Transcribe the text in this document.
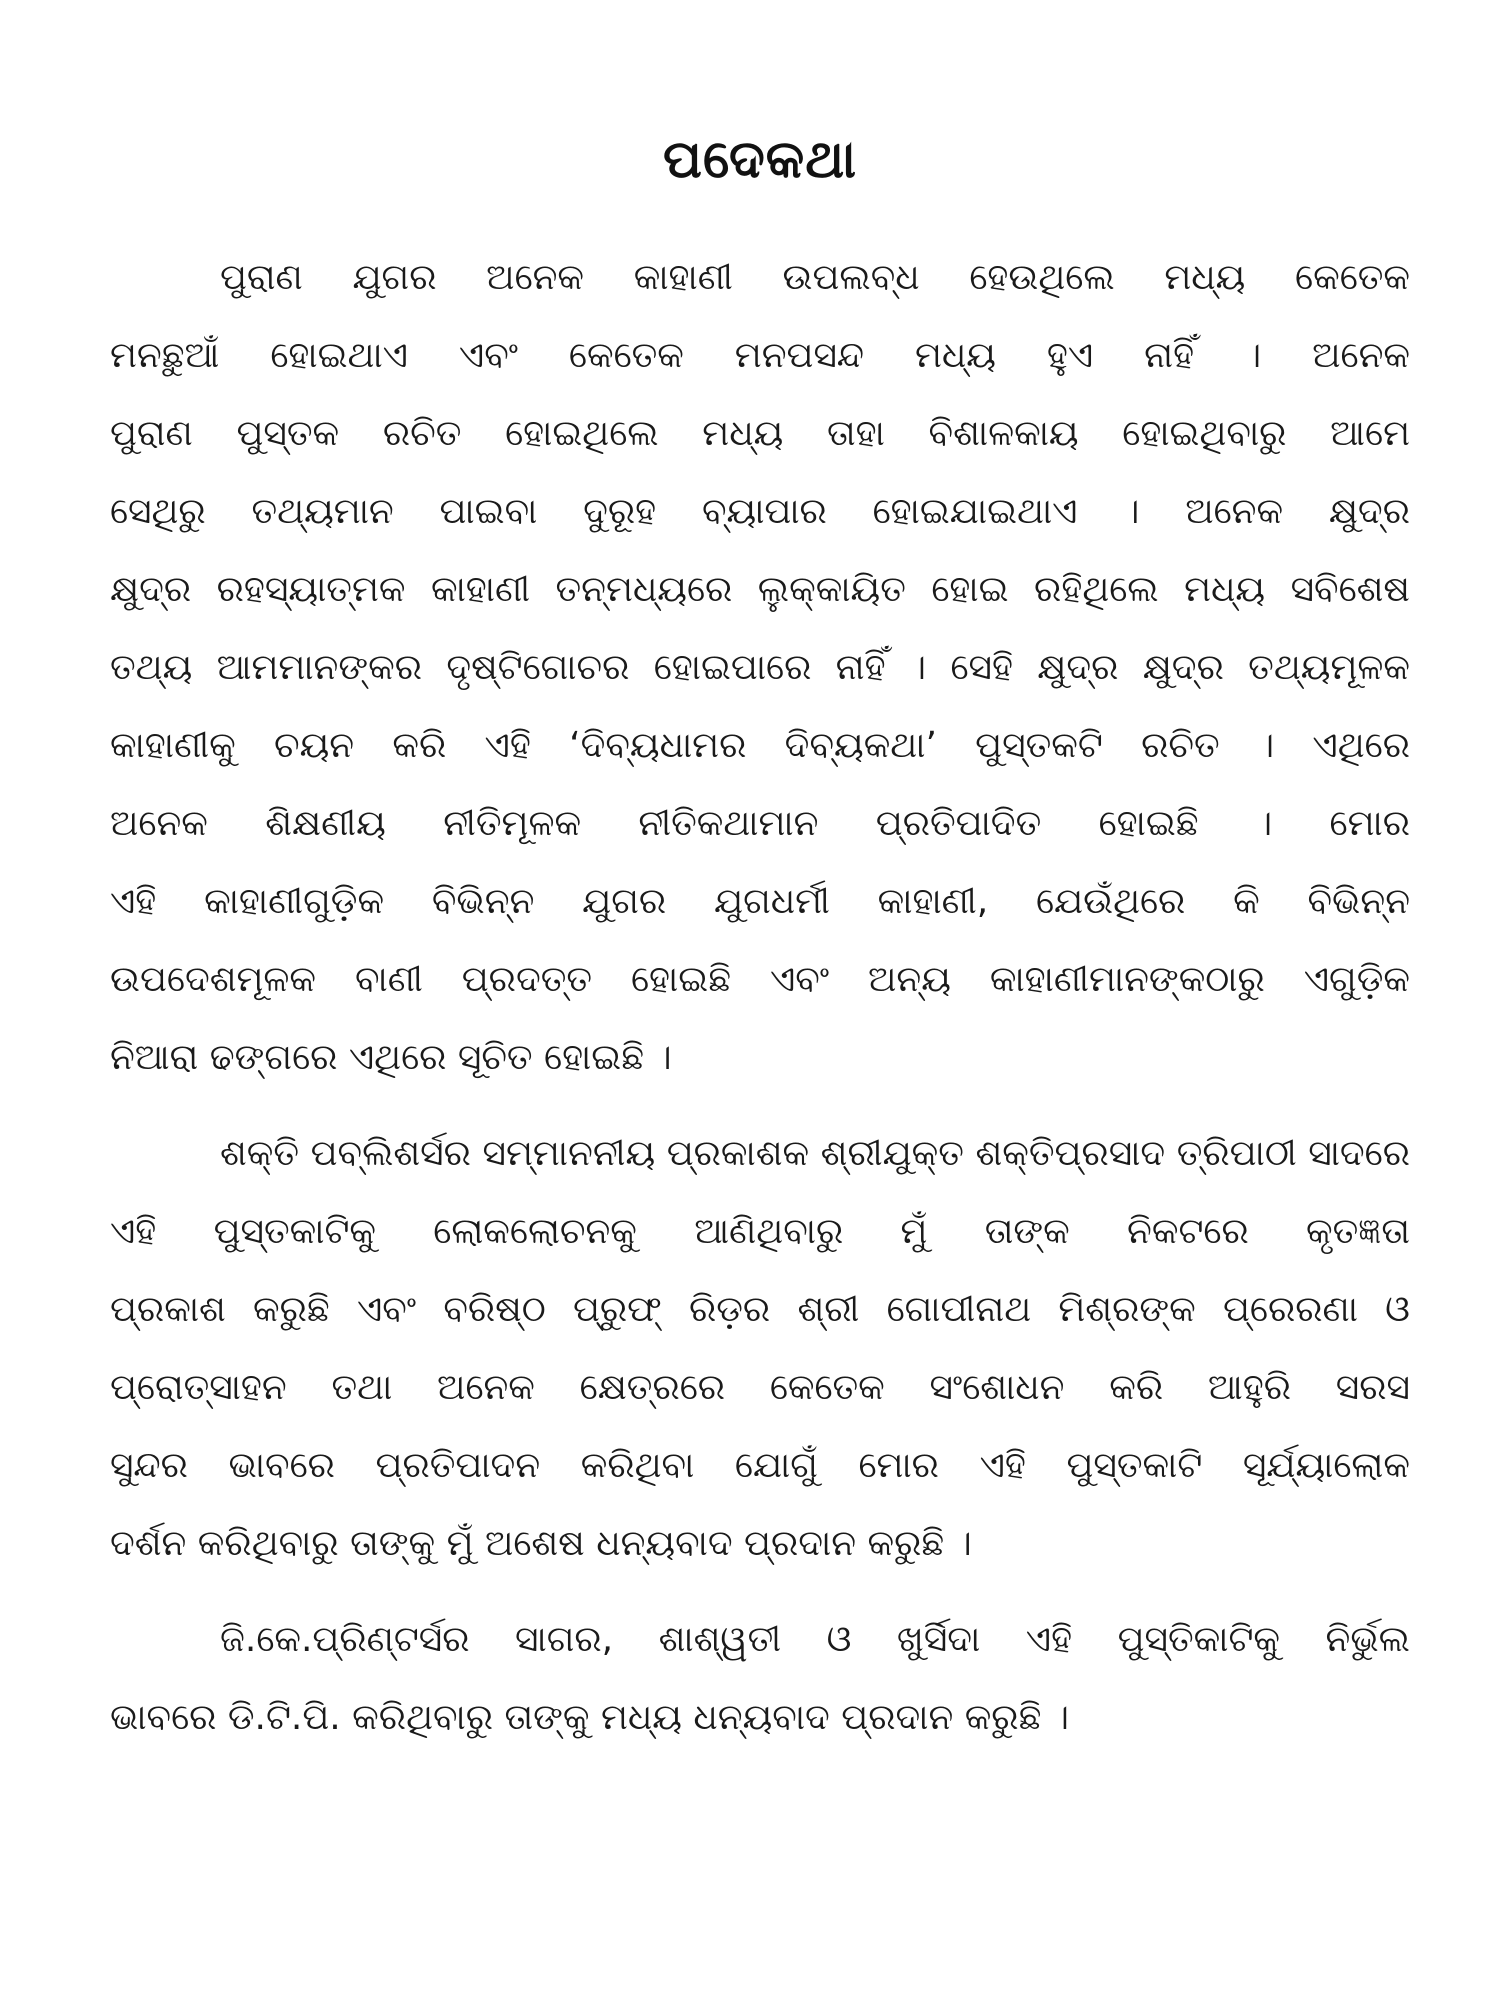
ପଦେକଥା
ପୁରାଣ ଯୁଗର ଅନେକ କାହାଣୀ ଉପଲବ୍ଧ ହେଉଥିଲେ ମଧ୍ୟ କେତେକ
ମନଛୁଆଁ ହୋଇଥାଏ ଏବଂ କେତେକ ମନପସନ୍ଦ ମଧ୍ୟ ହୁଏ ନାହିଁ । ଅନେକ
ପୁରାଣ ପୁସ୍ତକ ରଚିତ ହୋଇଥିଲେ ମଧ୍ୟ ତାହା ବିଶାଳକାୟ ହୋଇଥିବାରୁ ଆମେ
ସେଥିରୁ ତଥ୍ୟମାନ ପାଇବା ଦୁରୂହ ବ୍ୟାପାର ହୋଇଯାଇଥାଏ । ଅନେକ କ୍ଷୁଦ୍ର
କ୍ଷୁଦ୍ର ରହସ୍ୟାତ୍ମକ କାହାଣୀ ତନ୍ମଧ୍ୟରେ ଲୁକ୍କାୟିତ ହୋଇ ରହିଥିଲେ ମଧ୍ୟ ସବିଶେଷ
ତଥ୍ୟ ଆମମାନଙ୍କର ଦୃଷ୍ଟିଗୋଚର ହୋଇପାରେ ନାହିଁ । ସେହି କ୍ଷୁଦ୍ର କ୍ଷୁଦ୍ର ତଥ୍ୟମୂଳକ
କାହାଣୀକୁ ଚୟନ କରି ଏହି ‘ଦିବ୍ୟଧାମର ଦିବ୍ୟକଥା’ ପୁସ୍ତକଟି ରଚିତ । ଏଥିରେ
ଅନେକ ଶିକ୍ଷଣୀୟ ନୀତିମୂଳକ ନୀତିକଥାମାନ ପ୍ରତିପାଦିତ ହୋଇଛି । ମୋର
ଏହି କାହାଣୀଗୁଡ଼ିକ ବିଭିନ୍ନ ଯୁଗର ଯୁଗଧର୍ମୀ କାହାଣୀ, ଯେଉଁଥିରେ କି ବିଭିନ୍ନ
ଉପଦେଶମୂଳକ ବାଣୀ ପ୍ରଦତ୍ତ ହୋଇଛି ଏବଂ ଅନ୍ୟ କାହାଣୀମାନଙ୍କଠାରୁ ଏଗୁଡ଼ିକ
ନିଆରା ଢଙ୍ଗରେ ଏଥିରେ ସୂଚିତ ହୋଇଛି ।
ଶକ୍ତି ପବ୍ଲିଶର୍ସର ସମ୍ମାନନୀୟ ପ୍ରକାଶକ ଶ୍ରୀଯୁକ୍ତ ଶକ୍ତିପ୍ରସାଦ ତ୍ରିପାଠୀ ସାଦରେ
ଏହି ପୁସ୍ତକାଟିକୁ ଲୋକଲୋଚନକୁ ଆଣିଥିବାରୁ ମୁଁ ତାଙ୍କ ନିକଟରେ କୃତଜ୍ଞତା
ପ୍ରକାଶ କରୁଛି ଏବଂ ବରିଷ୍ଠ ପ୍ରୁଫ୍ ରିଡ଼ର ଶ୍ରୀ ଗୋପୀନାଥ ମିଶ୍ରଙ୍କ ପ୍ରେରଣା ଓ
ପ୍ରୋତ୍ସାହନ ତଥା ଅନେକ କ୍ଷେତ୍ରରେ କେତେକ ସଂଶୋଧନ କରି ଆହୁରି ସରସ
ସୁନ୍ଦର ଭାବରେ ପ୍ରତିପାଦନ କରିଥିବା ଯୋଗୁଁ ମୋର ଏହି ପୁସ୍ତକାଟି ସୂର୍ଯ୍ୟାଲୋକ
ଦର୍ଶନ କରିଥିବାରୁ ତାଙ୍କୁ ମୁଁ ଅଶେଷ ଧନ୍ୟବାଦ ପ୍ରଦାନ କରୁଛି ।
ଜି.କେ.ପ୍ରିଣ୍ଟର୍ସର ସାଗର, ଶାଶ୍ୱତୀ ଓ ଖୁର୍ସିଦା ଏହି ପୁସ୍ତିକାଟିକୁ ନିର୍ଭୁଲ
ଭାବରେ ଡି.ଟି.ପି. କରିଥିବାରୁ ତାଙ୍କୁ ମଧ୍ୟ ଧନ୍ୟବାଦ ପ୍ରଦାନ କରୁଛି ।
